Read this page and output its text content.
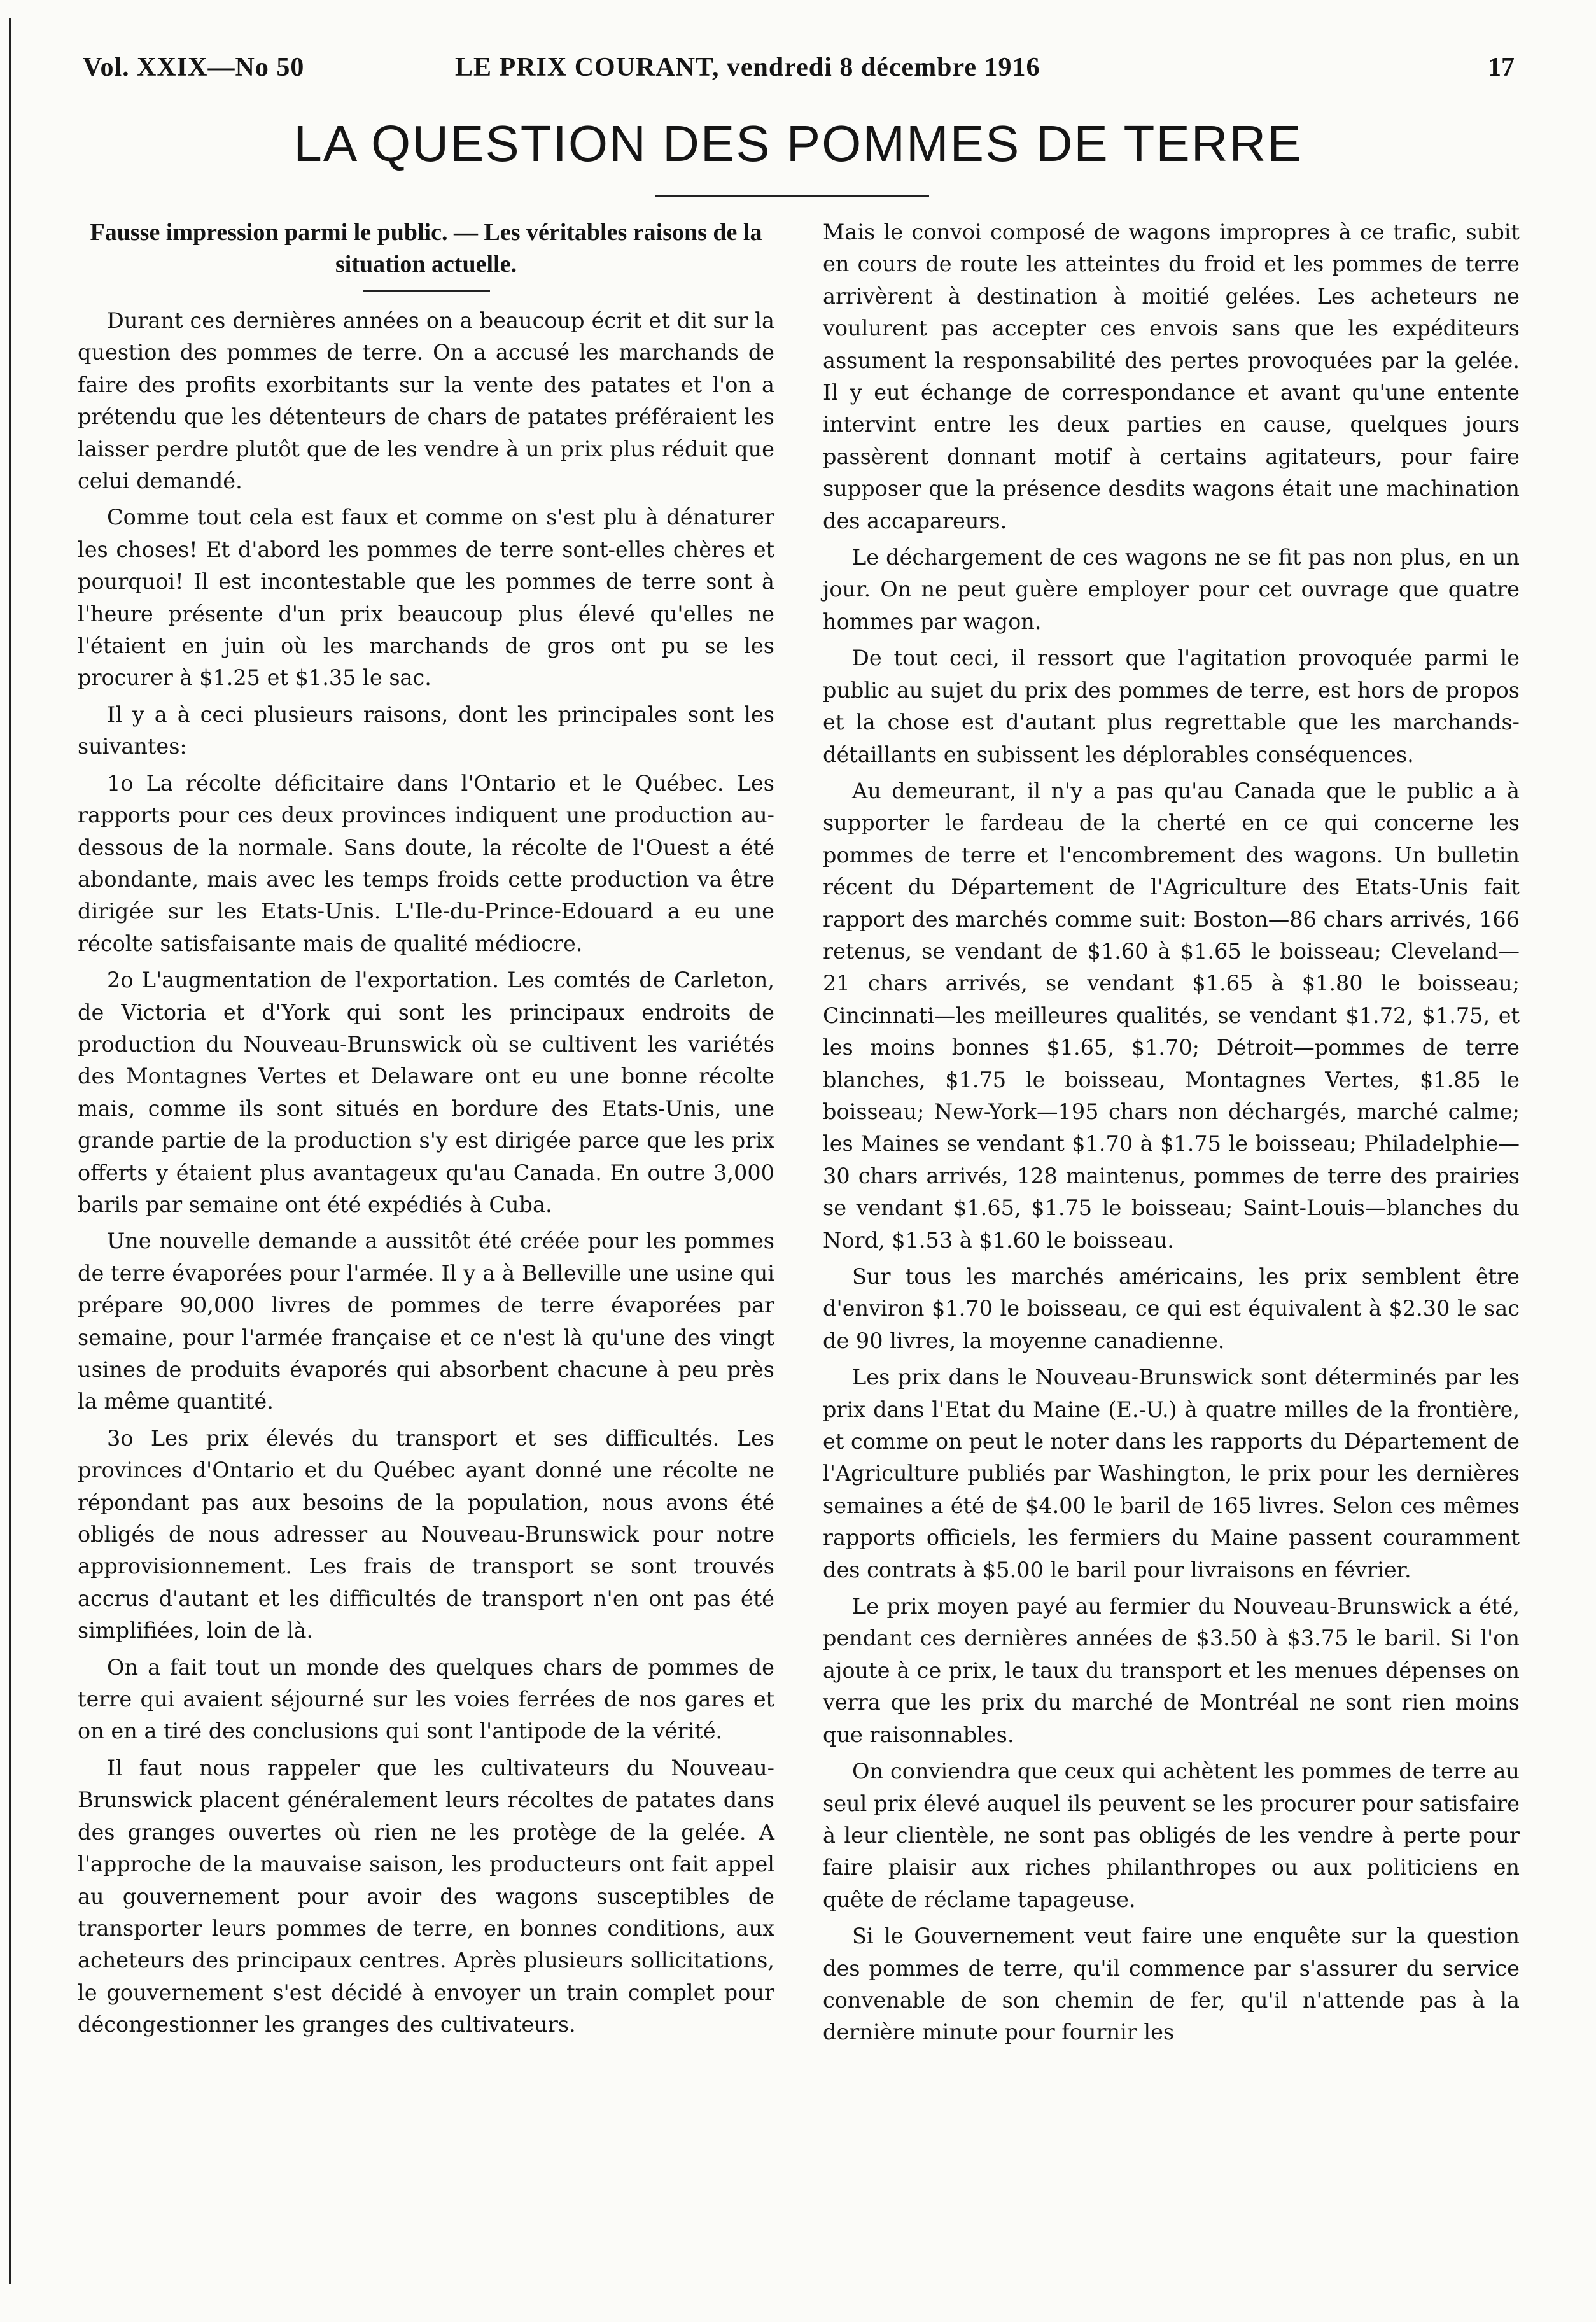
Vol. XXIX—No 50	LE PRIX COURANT, vendredi 8 décembre 1916	17
LA QUESTION DES POMMES DE TERRE
Fausse impression parmi le public. — Les véritables raisons de la situation actuelle.

Durant ces dernières années on a beaucoup écrit et dit sur la question des pommes de terre. On a accusé les marchands de faire des profits exorbitants sur la vente des patates et l'on a prétendu que les détenteurs de chars de patates préféraient les laisser perdre plutôt que de les vendre à un prix plus réduit que celui demandé.

Comme tout cela est faux et comme on s'est plu à dénaturer les choses! Et d'abord les pommes de terre sont-elles chères et pourquoi! Il est incontestable que les pommes de terre sont à l'heure présente d'un prix beaucoup plus élevé qu'elles ne l'étaient en juin où les marchands de gros ont pu se les procurer à $1.25 et $1.35 le sac.

Il y a à ceci plusieurs raisons, dont les principales sont les suivantes:

1o La récolte déficitaire dans l'Ontario et le Québec. Les rapports pour ces deux provinces indiquent une production au-dessous de la normale. Sans doute, la récolte de l'Ouest a été abondante, mais avec les temps froids cette production va être dirigée sur les Etats-Unis. L'Ile-du-Prince-Edouard a eu une récolte satisfaisante mais de qualité médiocre.

2o L'augmentation de l'exportation. Les comtés de Carleton, de Victoria et d'York qui sont les principaux endroits de production du Nouveau-Brunswick où se cultivent les variétés des Montagnes Vertes et Delaware ont eu une bonne récolte mais, comme ils sont situés en bordure des Etats-Unis, une grande partie de la production s'y est dirigée parce que les prix offerts y étaient plus avantageux qu'au Canada. En outre 3,000 barils par semaine ont été expédiés à Cuba.

Une nouvelle demande a aussitôt été créée pour les pommes de terre évaporées pour l'armée. Il y a à Belleville une usine qui prépare 90,000 livres de pommes de terre évaporées par semaine, pour l'armée française et ce n'est là qu'une des vingt usines de produits évaporés qui absorbent chacune à peu près la même quantité.

3o Les prix élevés du transport et ses difficultés. Les provinces d'Ontario et du Québec ayant donné une récolte ne répondant pas aux besoins de la population, nous avons été obligés de nous adresser au Nouveau-Brunswick pour notre approvisionnement. Les frais de transport se sont trouvés accrus d'autant et les difficultés de transport n'en ont pas été simplifiées, loin de là.

On a fait tout un monde des quelques chars de pommes de terre qui avaient séjourné sur les voies ferrées de nos gares et on en a tiré des conclusions qui sont l'antipode de la vérité.

Il faut nous rappeler que les cultivateurs du Nouveau-Brunswick placent généralement leurs récoltes de patates dans des granges ouvertes où rien ne les protège de la gelée. A l'approche de la mauvaise saison, les producteurs ont fait appel au gouvernement pour avoir des wagons susceptibles de transporter leurs pommes de terre, en bonnes conditions, aux acheteurs des principaux centres. Après plusieurs sollicitations, le gouvernement s'est décidé à envoyer un train complet pour décongestionner les granges des cultivateurs.

Mais le convoi composé de wagons impropres à ce trafic, subit en cours de route les atteintes du froid et les pommes de terre arrivèrent à destination à moitié gelées. Les acheteurs ne voulurent pas accepter ces envois sans que les expéditeurs assument la responsabilité des pertes provoquées par la gelée. Il y eut échange de correspondance et avant qu'une entente intervint entre les deux parties en cause, quelques jours passèrent donnant motif à certains agitateurs, pour faire supposer que la présence desdits wagons était une machination des accapareurs.

Le déchargement de ces wagons ne se fit pas non plus, en un jour. On ne peut guère employer pour cet ouvrage que quatre hommes par wagon.

De tout ceci, il ressort que l'agitation provoquée parmi le public au sujet du prix des pommes de terre, est hors de propos et la chose est d'autant plus regrettable que les marchands-détaillants en subissent les déplorables conséquences.

Au demeurant, il n'y a pas qu'au Canada que le public a à supporter le fardeau de la cherté en ce qui concerne les pommes de terre et l'encombrement des wagons. Un bulletin récent du Département de l'Agriculture des Etats-Unis fait rapport des marchés comme suit: Boston—86 chars arrivés, 166 retenus, se vendant de $1.60 à $1.65 le boisseau; Cleveland—21 chars arrivés, se vendant $1.65 à $1.80 le boisseau; Cincinnati—les meilleures qualités, se vendant $1.72, $1.75, et les moins bonnes $1.65, $1.70; Détroit—pommes de terre blanches, $1.75 le boisseau, Montagnes Vertes, $1.85 le boisseau; New-York—195 chars non déchargés, marché calme; les Maines se vendant $1.70 à $1.75 le boisseau; Philadelphie—30 chars arrivés, 128 maintenus, pommes de terre des prairies se vendant $1.65, $1.75 le boisseau; Saint-Louis—blanches du Nord, $1.53 à $1.60 le boisseau.

Sur tous les marchés américains, les prix semblent être d'environ $1.70 le boisseau, ce qui est équivalent à $2.30 le sac de 90 livres, la moyenne canadienne.

Les prix dans le Nouveau-Brunswick sont déterminés par les prix dans l'Etat du Maine (E.-U.) à quatre milles de la frontière, et comme on peut le noter dans les rapports du Département de l'Agriculture publiés par Washington, le prix pour les dernières semaines a été de $4.00 le baril de 165 livres. Selon ces mêmes rapports officiels, les fermiers du Maine passent couramment des contrats à $5.00 le baril pour livraisons en février.

Le prix moyen payé au fermier du Nouveau-Brunswick a été, pendant ces dernières années de $3.50 à $3.75 le baril. Si l'on ajoute à ce prix, le taux du transport et les menues dépenses on verra que les prix du marché de Montréal ne sont rien moins que raisonnables.

On conviendra que ceux qui achètent les pommes de terre au seul prix élevé auquel ils peuvent se les procurer pour satisfaire à leur clientèle, ne sont pas obligés de les vendre à perte pour faire plaisir aux riches philanthropes ou aux politiciens en quête de réclame tapageuse.

Si le Gouvernement veut faire une enquête sur la question des pommes de terre, qu'il commence par s'assurer du service convenable de son chemin de fer, qu'il n'attende pas à la dernière minute pour fournir les
